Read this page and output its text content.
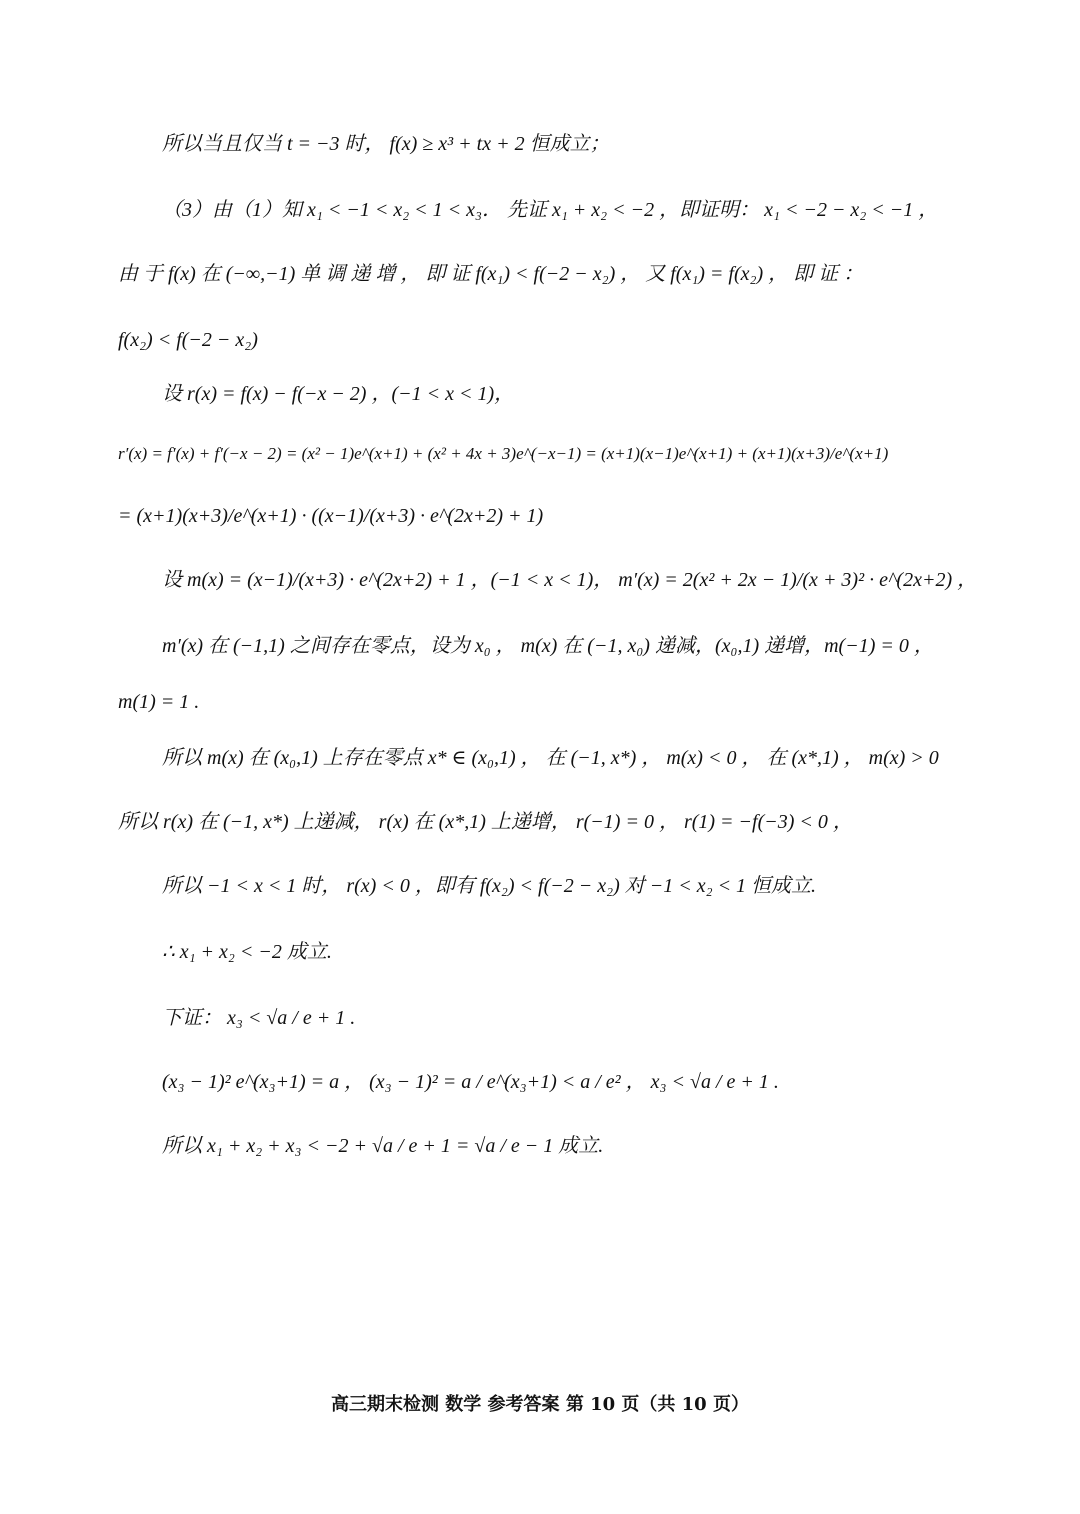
所以当且仅当 t = −3 时， f(x) ≥ x³ + tx + 2 恒成立；
（3）由（1）知 x₁ < −1 < x₂ < 1 < x₃． 先证 x₁ + x₂ < −2 ，即证明： x₁ < −2 − x₂ < −1 ，
由 于 f(x) 在 (−∞,−1) 单 调 递 增 ， 即 证 f(x₁) < f(−2 − x₂) ， 又 f(x₁) = f(x₂) ， 即 证 ：
f(x₂) < f(−2 − x₂)
设 r(x) = f(x) − f(−x − 2) ，(−1 < x < 1)，
r′(x) = f′(x) + f′(−x − 2) = (x² − 1)e^(x+1) + (x² + 4x + 3)e^(−x−1) = (x+1)(x−1)e^(x+1) + (x+1)(x+3)/e^(x+1)
= (x+1)(x+3)/e^(x+1) · ((x−1)/(x+3) · e^(2x+2) + 1)
设 m(x) = (x−1)/(x+3) · e^(2x+2) + 1 ，(−1 < x < 1)， m′(x) = 2(x² + 2x − 1)/(x + 3)² · e^(2x+2) ，
m′(x) 在 (−1,1) 之间存在零点，设为 x₀ ， m(x) 在 (−1, x₀) 递减，(x₀,1) 递增，m(−1) = 0 ，
m(1) = 1 .
所以 m(x) 在 (x₀,1) 上存在零点 x* ∈ (x₀,1) ， 在 (−1, x*) ， m(x) < 0 ， 在 (x*,1) ， m(x) > 0
所以 r(x) 在 (−1, x*) 上递减， r(x) 在 (x*,1) 上递增， r(−1) = 0 ， r(1) = −f(−3) < 0 ，
所以 −1 < x < 1 时， r(x) < 0 ，即有 f(x₂) < f(−2 − x₂) 对 −1 < x₂ < 1 恒成立.
∴ x₁ + x₂ < −2 成立.
下证： x₃ < √a / e + 1 .
(x₃ − 1)² e^(x₃+1) = a ， (x₃ − 1)² = a / e^(x₃+1) < a / e² ， x₃ < √a / e + 1 .
所以 x₁ + x₂ + x₃ < −2 + √a / e + 1 = √a / e − 1 成立.
高三期末检测 数学 参考答案 第 10 页（共 10 页）
